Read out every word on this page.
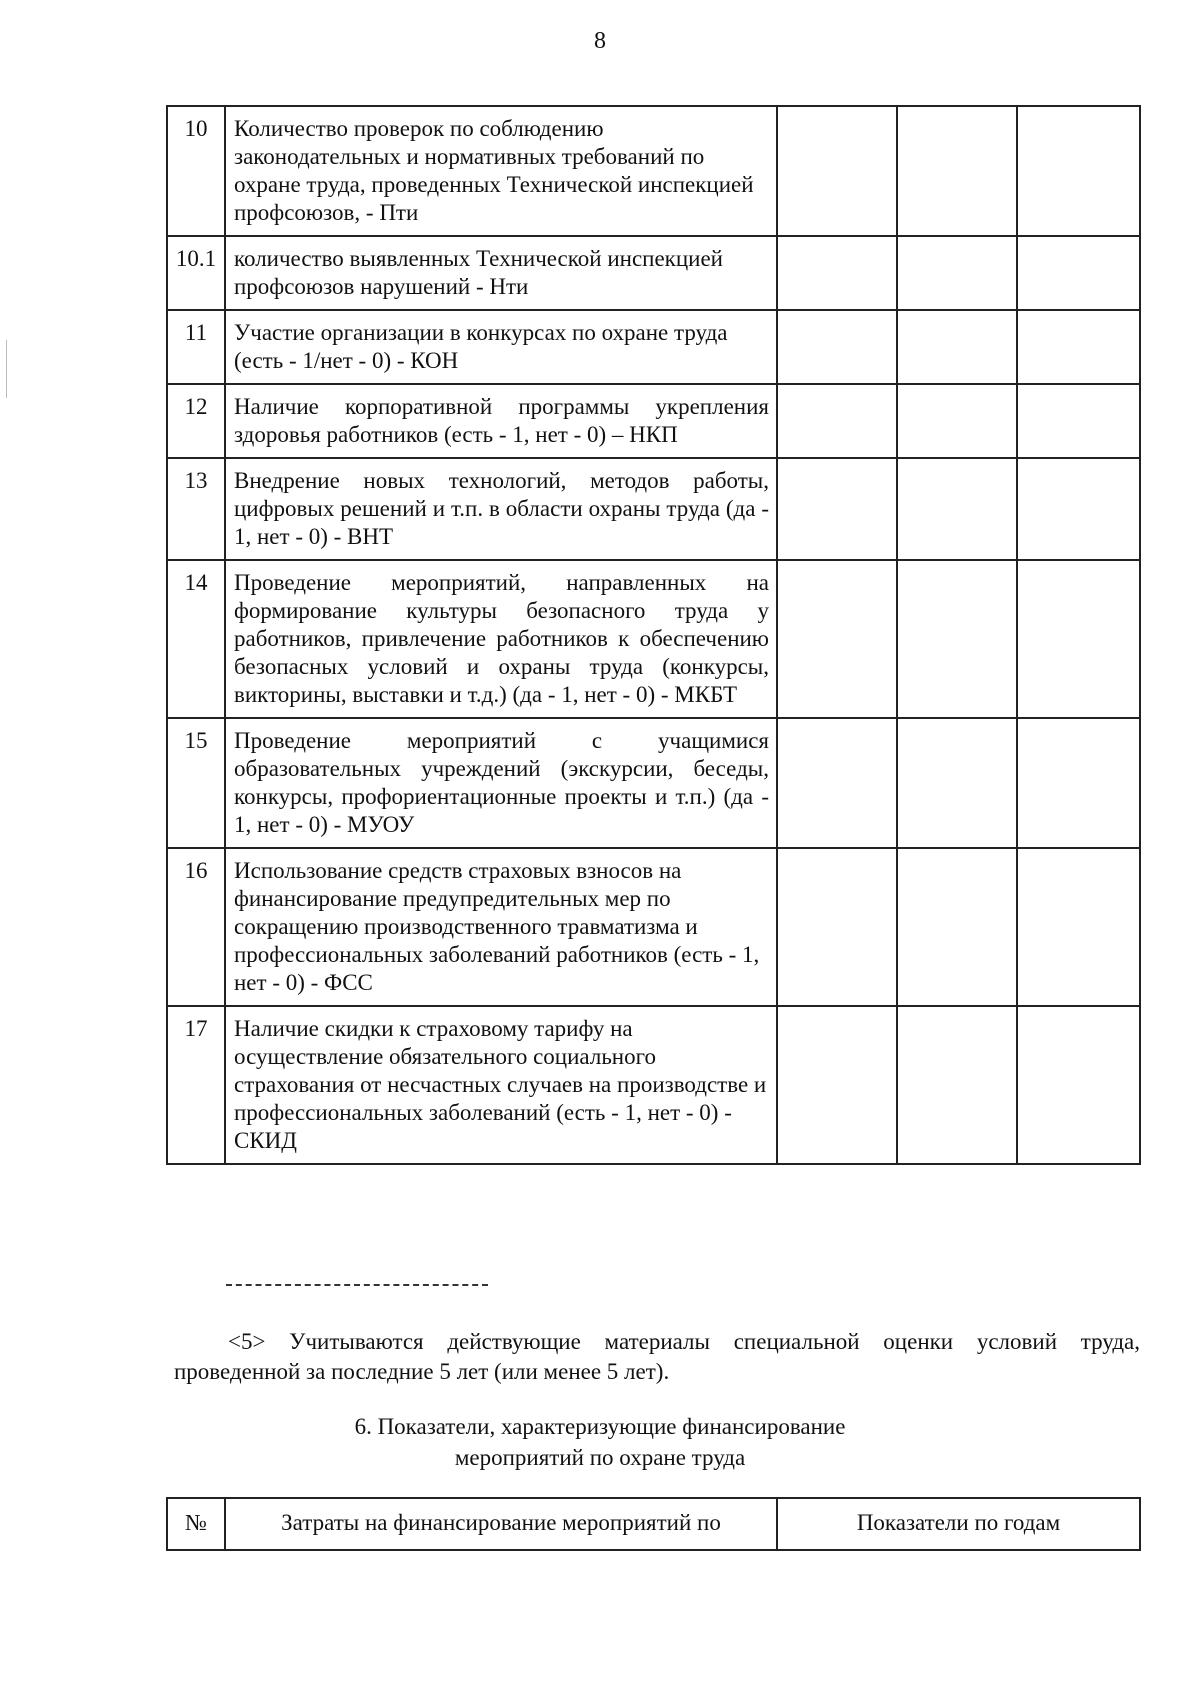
8
10	Количество проверок по соблюдению законодательных и нормативных требований по охране труда, проведенных Технической инспекцией профсоюзов, - Пти			
10.1	количество выявленных Технической инспекцией профсоюзов нарушений - Нти			
11	Участие организации в конкурсах по охране труда (есть - 1/нет - 0) - КОН			
12	Наличие корпоративной программы укрепления здоровья работников (есть - 1, нет - 0) – НКП			
13	Внедрение новых технологий, методов работы, цифровых решений и т.п. в области охраны труда (да - 1, нет - 0) - ВНТ			
14	Проведение мероприятий, направленных на формирование культуры безопасного труда у работников, привлечение работников к обеспечению безопасных условий и охраны труда (конкурсы, викторины, выставки и т.д.) (да - 1, нет - 0) - МКБТ			
15	Проведение мероприятий с учащимися образовательных учреждений (экскурсии, беседы, конкурсы, профориентационные проекты и т.п.) (да - 1, нет - 0) - МУОУ			
16	Использование средств страховых взносов на финансирование предупредительных мер по сокращению производственного травматизма и профессиональных заболеваний работников (есть - 1, нет - 0) - ФСС			
17	Наличие скидки к страховому тарифу на осуществление обязательного социального страхования от несчастных случаев на производстве и профессиональных заболеваний (есть - 1, нет - 0) - СКИД			
<5> Учитываются действующие материалы специальной оценки условий труда, проведенной за последние 5 лет (или менее 5 лет).
6. Показатели, характеризующие финансирование
мероприятий по охране труда
№	Затраты на финансирование мероприятий по	Показатели по годам
